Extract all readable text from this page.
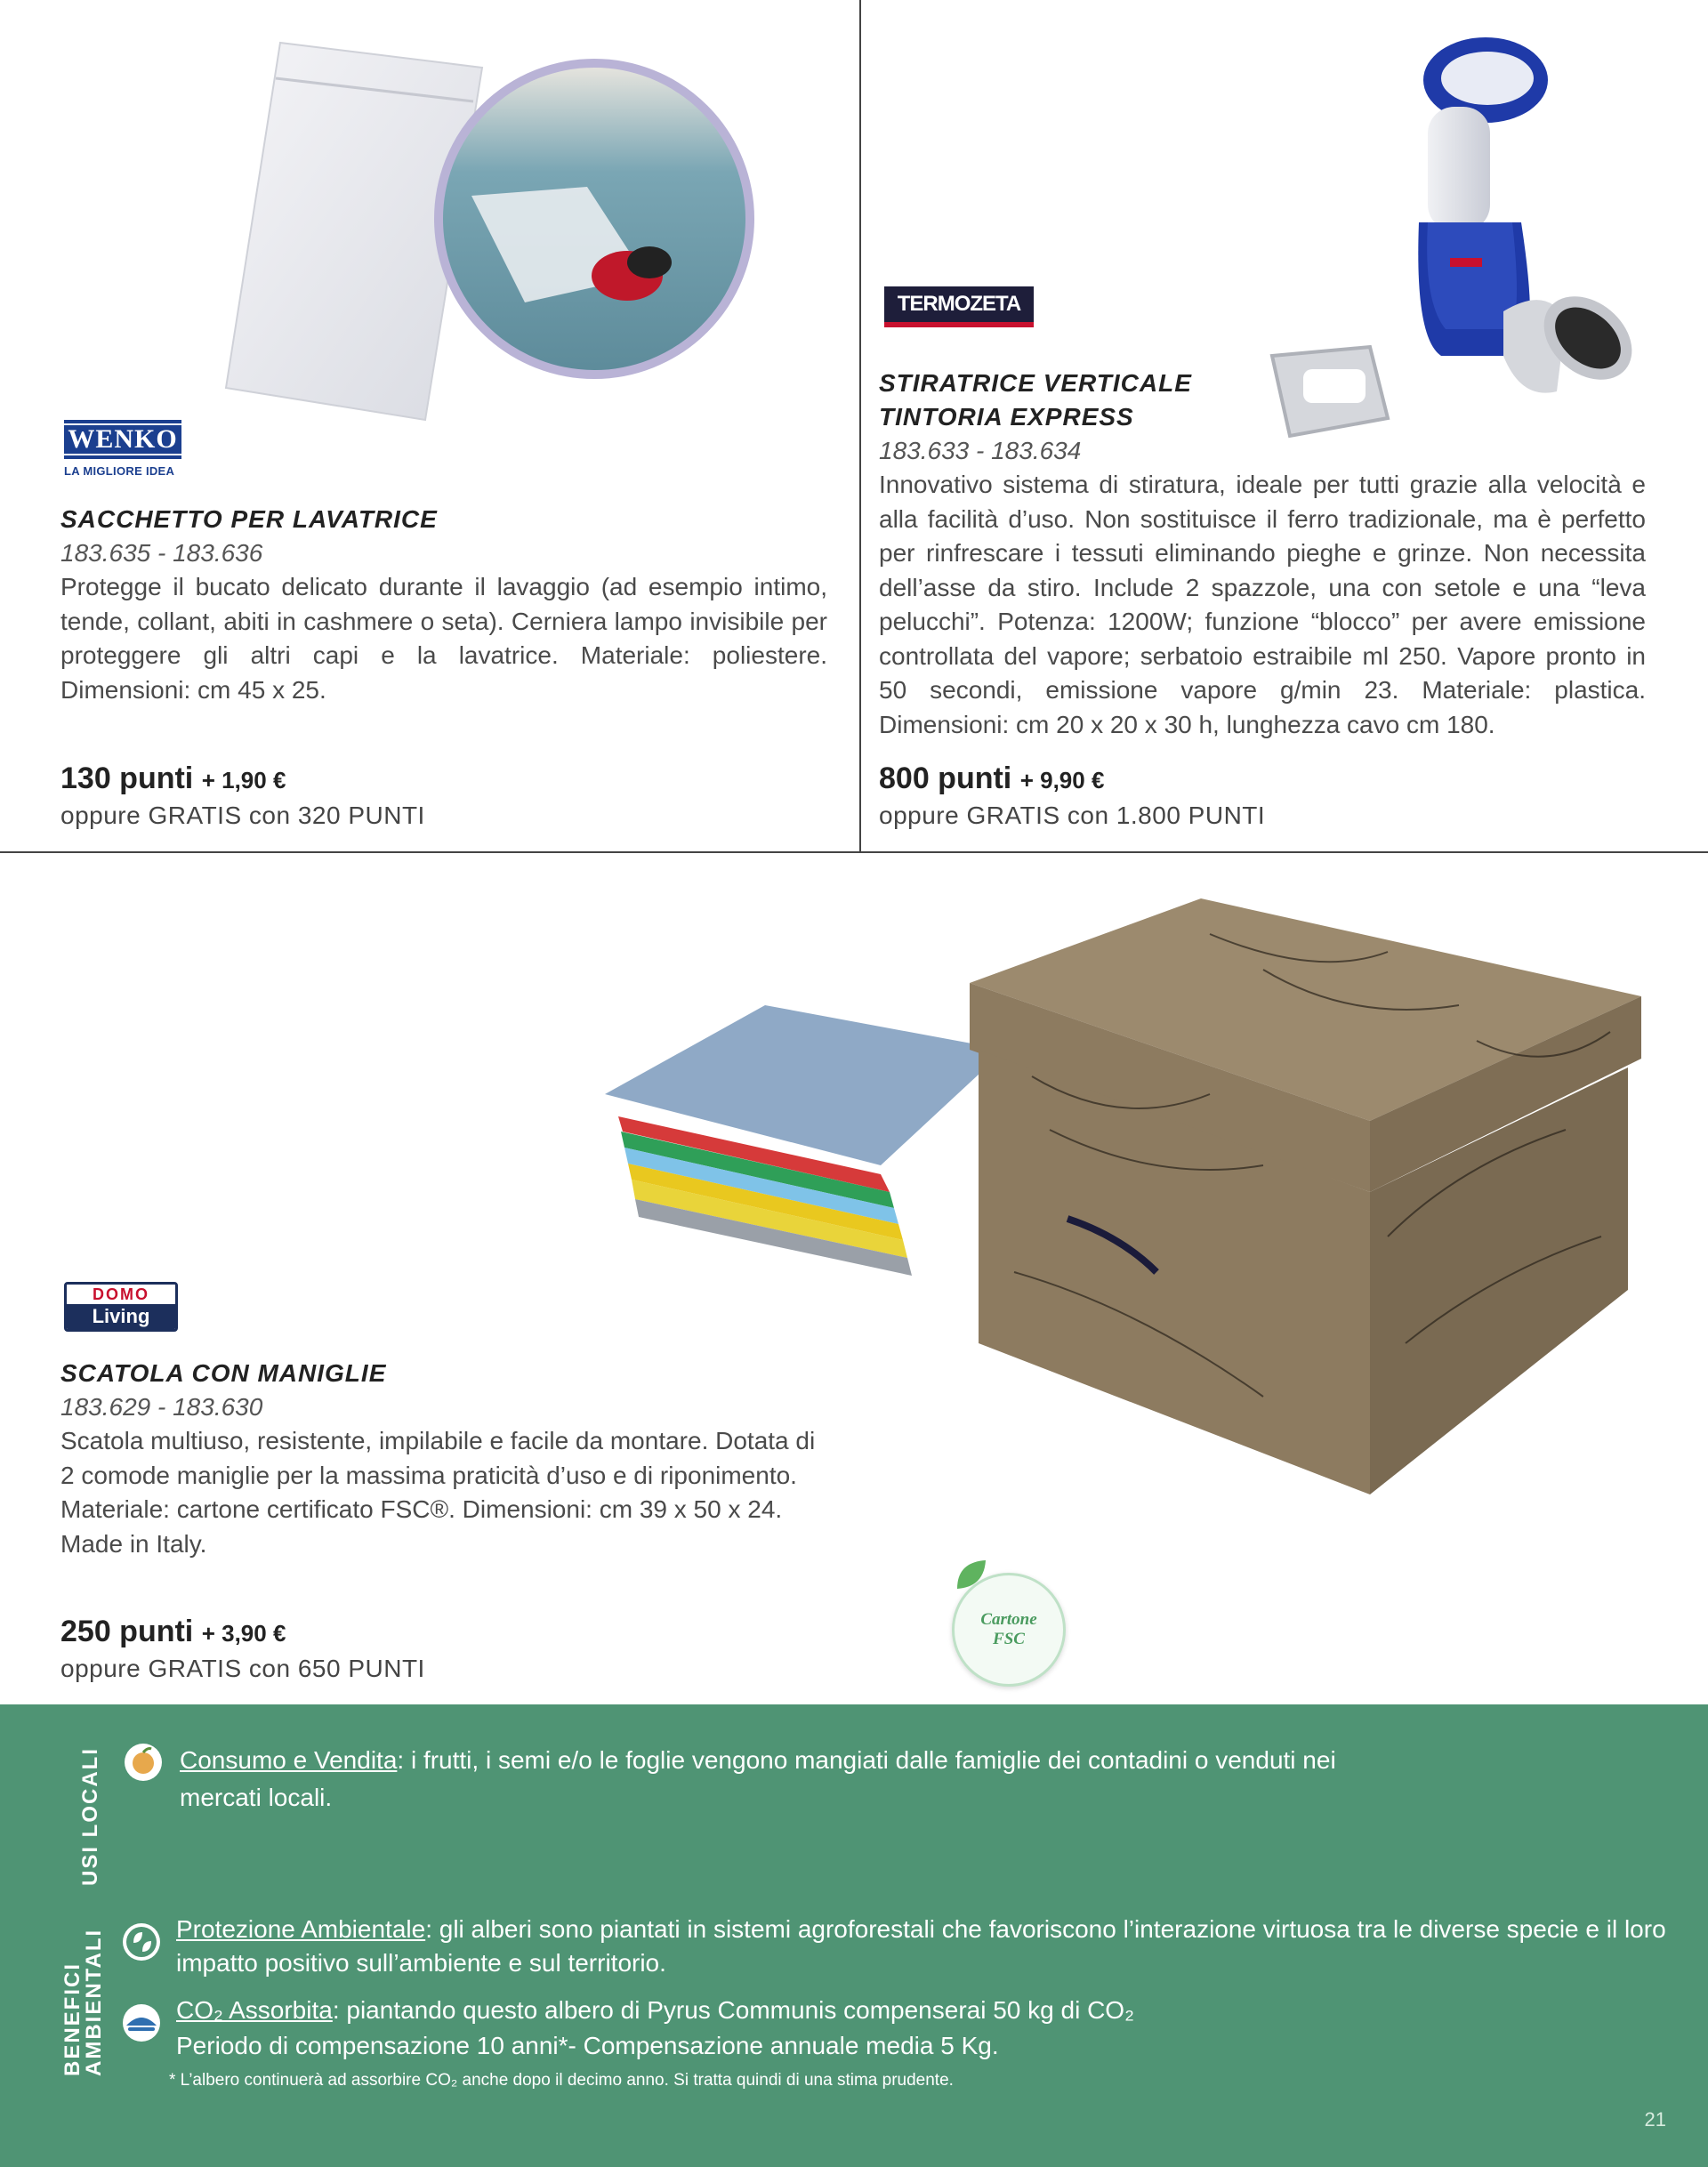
WENKO
LA MIGLIORE IDEA
SACCHETTO PER LAVATRICE
183.635 - 183.636
Protegge il bucato delicato durante il lavaggio (ad esempio intimo, tende, collant, abiti in cashmere o seta). Cerniera lampo invisibile per proteggere gli altri capi e la lavatrice. Materiale: poliestere. Dimensioni: cm 45 x 25.
130 punti + 1,90 €
oppure GRATIS con 320 PUNTI
TERMOZETA
STIRATRICE VERTICALE
TINTORIA EXPRESS
183.633 - 183.634
Innovativo sistema di stiratura, ideale per tutti grazie alla velocità e alla facilità d’uso. Non sostituisce il ferro tradizionale, ma è perfetto per rinfrescare i tessuti eliminando pieghe e grinze. Non necessita dell’asse da stiro. Include 2 spazzole, una con setole e una “leva pelucchi”. Potenza: 1200W; funzione “blocco” per avere emissione controllata del vapore; serbatoio estraibile ml 250. Vapore pronto in 50 secondi, emissione vapore g/min 23. Materiale: plastica. Dimensioni: cm 20 x 20 x 30 h, lunghezza cavo cm 180.
800 punti + 9,90 €
oppure GRATIS con 1.800 PUNTI
DOMO
Living
SCATOLA CON MANIGLIE
183.629 - 183.630
Scatola multiuso, resistente, impilabile e facile da montare. Dotata di
2 comode maniglie per la massima praticità d’uso e di riponimento.
Materiale: cartone certificato FSC®. Dimensioni: cm 39 x 50 x 24.
Made in Italy.
250 punti + 3,90 €
oppure GRATIS con 650 PUNTI
Cartone
FSC
USI LOCALI
BENEFICI
AMBIENTALI
Consumo e Vendita: i frutti, i semi e/o le foglie vengono mangiati dalle famiglie dei contadini o venduti nei
mercati locali.
Protezione Ambientale: gli alberi sono piantati in sistemi agroforestali che favoriscono l’interazione virtuosa tra le diverse specie e il loro
impatto positivo sull’ambiente e sul territorio.
CO₂ Assorbita: piantando questo albero di Pyrus Communis compenserai 50 kg di CO₂
Periodo di compensazione 10 anni*- Compensazione annuale media 5 Kg.
* L’albero continuerà ad assorbire CO₂ anche dopo il decimo anno. Si tratta quindi di una stima prudente.
21
